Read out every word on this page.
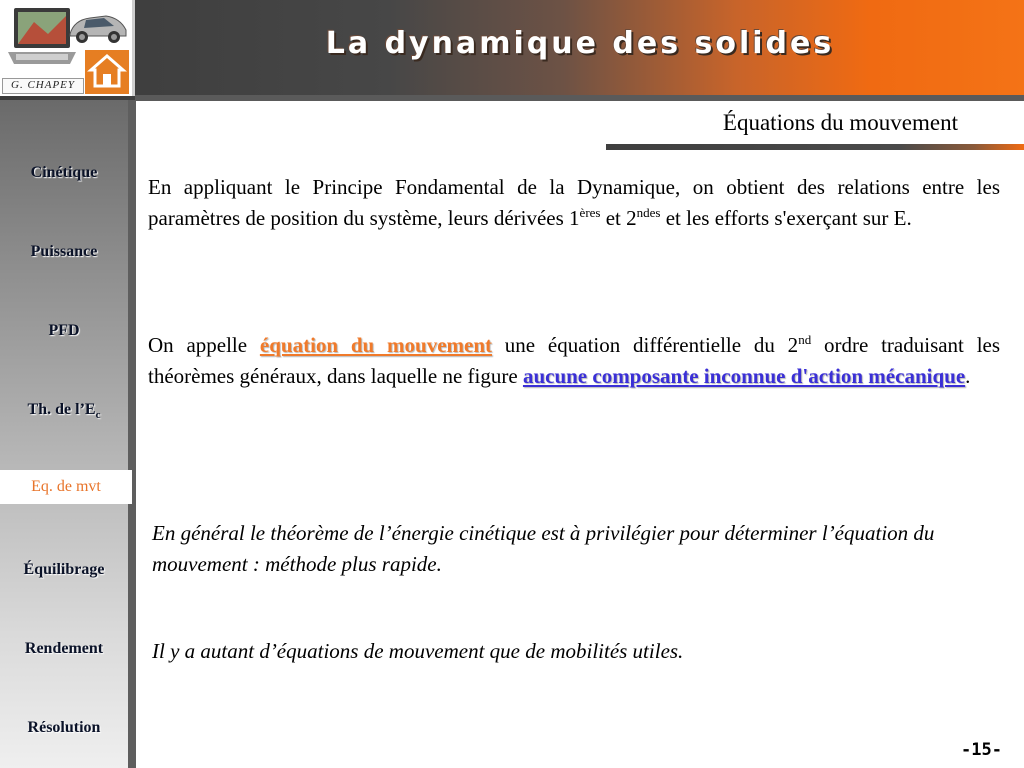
La dynamique des solides
G. CHAPEY
Cinétique
Puissance
PFD
Th. de $l’E_c$
Eq. de mvt
Équilibrage
Rendement
Résolution
Équations du mouvement
En appliquant le Principe Fondamental de la Dynamique, on obtient des relations entre les paramètres de position du système, leurs dérivées 1ères et $2^{ndes}$ et les efforts s'exerçant sur E.
On appelle équation du mouvement une équation différentielle du 2nd ordre traduisant les théorèmes généraux, dans laquelle ne figure aucune composante inconnue d'action mécanique.
En général le théorème de l’énergie cinétique est à privilégier pour déterminer l’équation du mouvement : méthode plus rapide.
Il y a autant d’équations de mouvement que de mobilités utiles.
-15-
